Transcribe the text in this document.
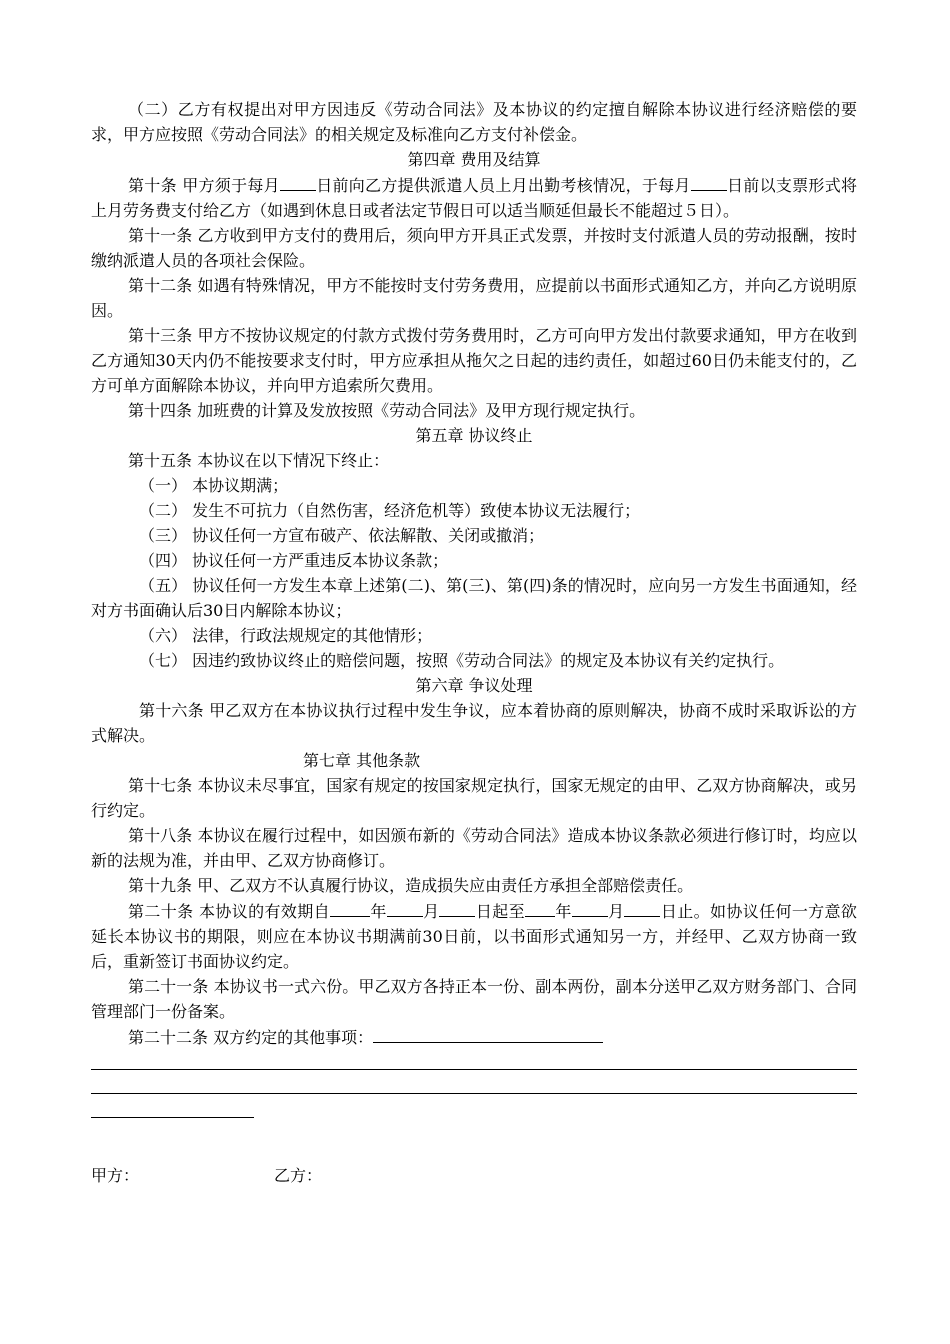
（二）乙方有权提出对甲方因违反《劳动合同法》及本协议的约定擅自解除本协议进行经济赔偿的要求，甲方应按照《劳动合同法》的相关规定及标准向乙方支付补偿金。

第四章 费用及结算

第十条 甲方须于每月 日前向乙方提供派遣人员上月出勤考核情况，于每月 日前以支票形式将上月劳务费支付给乙方（如遇到休息日或者法定节假日可以适当顺延但最长不能超过５日）。

第十一条 乙方收到甲方支付的费用后，须向甲方开具正式发票，并按时支付派遣人员的劳动报酬，按时缴纳派遣人员的各项社会保险。

第十二条 如遇有特殊情况，甲方不能按时支付劳务费用，应提前以书面形式通知乙方，并向乙方说明原因。

第十三条 甲方不按协议规定的付款方式拨付劳务费用时，乙方可向甲方发出付款要求通知，甲方在收到乙方通知30天内仍不能按要求支付时，甲方应承担从拖欠之日起的违约责任，如超过60日仍未能支付的，乙方可单方面解除本协议，并向甲方追索所欠费用。

第十四条 加班费的计算及发放按照《劳动合同法》及甲方现行规定执行。

第五章 协议终止

第十五条 本协议在以下情况下终止：

（一） 本协议期满；

（二） 发生不可抗力（自然伤害，经济危机等）致使本协议无法履行；

（三） 协议任何一方宣布破产、依法解散、关闭或撤消；

（四） 协议任何一方严重违反本协议条款；

（五） 协议任何一方发生本章上述第(二)、第(三)、第(四)条的情况时，应向另一方发生书面通知，经对方书面确认后30日内解除本协议；

（六） 法律，行政法规规定的其他情形；

（七） 因违约致协议终止的赔偿问题，按照《劳动合同法》的规定及本协议有关约定执行。

第六章 争议处理

第十六条 甲乙双方在本协议执行过程中发生争议，应本着协商的原则解决，协商不成时采取诉讼的方式解决。

第七章 其他条款

第十七条 本协议未尽事宜，国家有规定的按国家规定执行，国家无规定的由甲、乙双方协商解决，或另行约定。

第十八条 本协议在履行过程中，如因颁布新的《劳动合同法》造成本协议条款必须进行修订时，均应以新的法规为准，并由甲、乙双方协商修订。

第十九条 甲、乙双方不认真履行协议，造成损失应由责任方承担全部赔偿责任。

第二十条 本协议的有效期自	年 月 日起至 年 月 日止。如协议任何一方意欲延长本协议书的期限，则应在本协议书期满前30日前，以书面形式通知另一方，并经甲、乙双方协商一致后，重新签订书面协议约定。

第二十一条 本协议书一式六份。甲乙双方各持正本一份、副本两份，副本分送甲乙双方财务部门、合同管理部门一份备案。

第二十二条 双方约定的其他事项：

甲方：	乙方：
